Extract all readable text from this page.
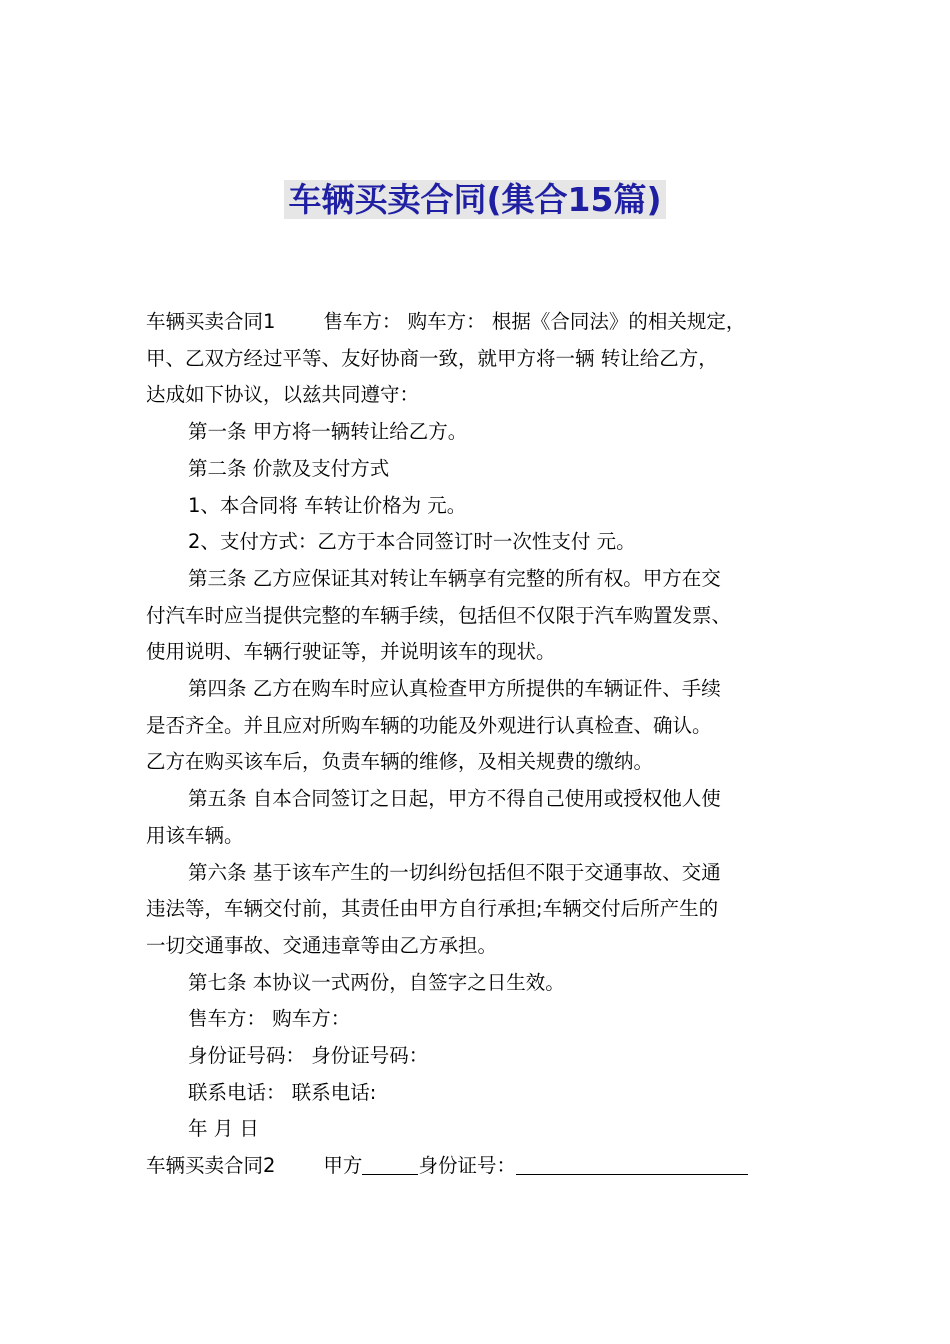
车辆买卖合同(集合15篇)

车辆买卖合同1 售车方： 购车方： 根据《合同法》的相关规定，

甲、乙双方经过平等、友好协商一致，就甲方将一辆 转让给乙方，

达成如下协议，以兹共同遵守：

第一条 甲方将一辆转让给乙方。

第二条 价款及支付方式

1、本合同将 车转让价格为 元。

2、支付方式：乙方于本合同签订时一次性支付 元。

第三条 乙方应保证其对转让车辆享有完整的所有权。甲方在交

付汽车时应当提供完整的车辆手续，包括但不仅限于汽车购置发票、

使用说明、车辆行驶证等，并说明该车的现状。

第四条 乙方在购车时应认真检查甲方所提供的车辆证件、手续

是否齐全。并且应对所购车辆的功能及外观进行认真检查、确认。

乙方在购买该车后，负责车辆的维修，及相关规费的缴纳。

第五条 自本合同签订之日起，甲方不得自己使用或授权他人使

用该车辆。

第六条 基于该车产生的一切纠纷包括但不限于交通事故、交通

违法等，车辆交付前，其责任由甲方自行承担;车辆交付后所产生的

一切交通事故、交通违章等由乙方承担。

第七条 本协议一式两份，自签字之日生效。

售车方： 购车方：

身份证号码： 身份证号码：

联系电话： 联系电话:

年 月 日

车辆买卖合同2 甲方	身份证号：
